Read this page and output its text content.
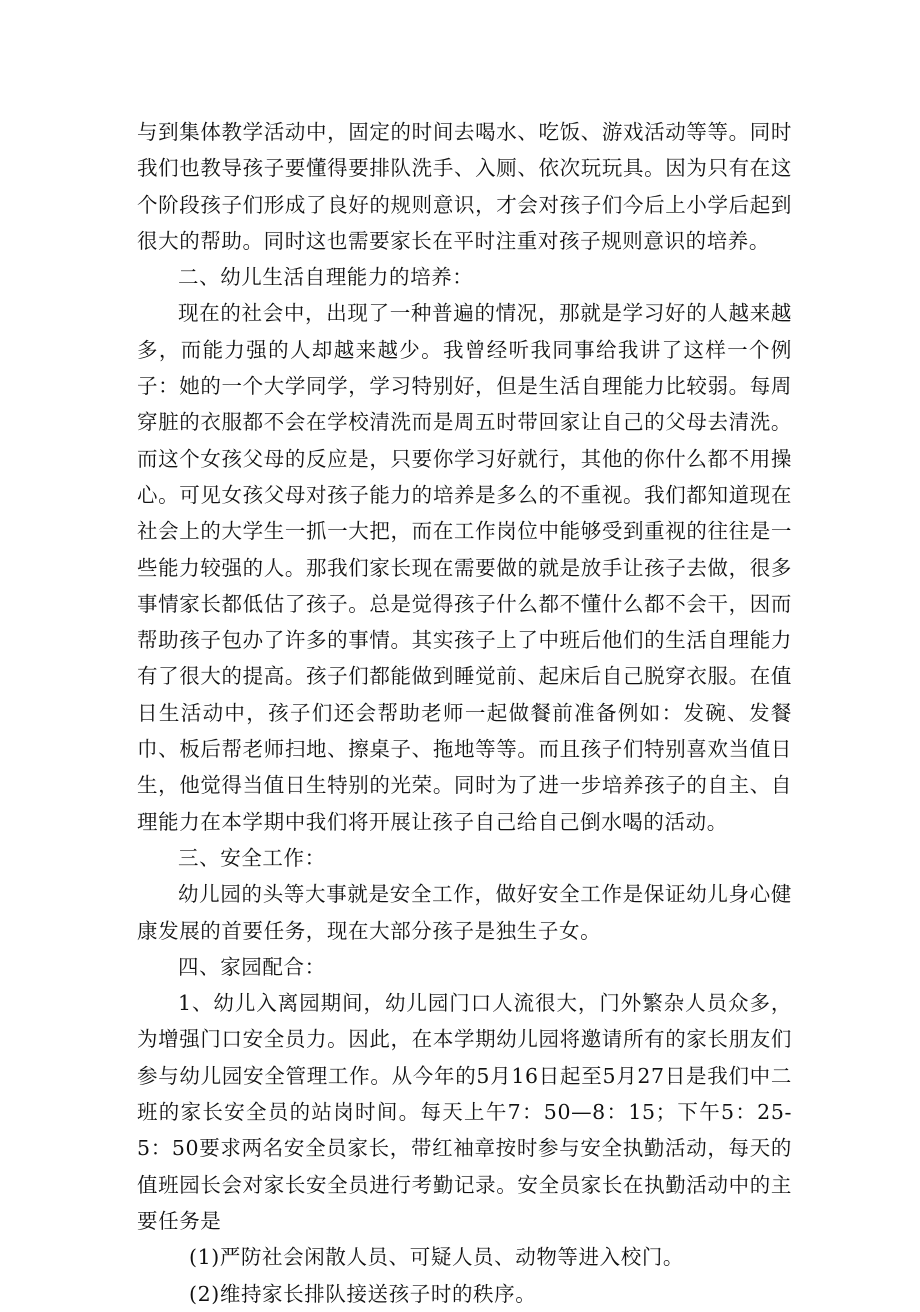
与到集体教学活动中，固定的时间去喝水、吃饭、游戏活动等等。同时我们也教导孩子要懂得要排队洗手、入厕、依次玩玩具。因为只有在这个阶段孩子们形成了良好的规则意识，才会对孩子们今后上小学后起到很大的帮助。同时这也需要家长在平时注重对孩子规则意识的培养。

二、幼儿生活自理能力的培养：

现在的社会中，出现了一种普遍的情况，那就是学习好的人越来越多，而能力强的人却越来越少。我曾经听我同事给我讲了这样一个例子：她的一个大学同学，学习特别好，但是生活自理能力比较弱。每周穿脏的衣服都不会在学校清洗而是周五时带回家让自己的父母去清洗。而这个女孩父母的反应是，只要你学习好就行，其他的你什么都不用操心。可见女孩父母对孩子能力的培养是多么的不重视。我们都知道现在社会上的大学生一抓一大把，而在工作岗位中能够受到重视的往往是一些能力较强的人。那我们家长现在需要做的就是放手让孩子去做，很多事情家长都低估了孩子。总是觉得孩子什么都不懂什么都不会干，因而帮助孩子包办了许多的事情。其实孩子上了中班后他们的生活自理能力有了很大的提高。孩子们都能做到睡觉前、起床后自己脱穿衣服。在值日生活动中，孩子们还会帮助老师一起做餐前准备例如：发碗、发餐巾、板后帮老师扫地、擦桌子、拖地等等。而且孩子们特别喜欢当值日生，他觉得当值日生特别的光荣。同时为了进一步培养孩子的自主、自理能力在本学期中我们将开展让孩子自己给自己倒水喝的活动。

三、安全工作：

幼儿园的头等大事就是安全工作，做好安全工作是保证幼儿身心健康发展的首要任务，现在大部分孩子是独生子女。

四、家园配合：

1、幼儿入离园期间，幼儿园门口人流很大，门外繁杂人员众多，为增强门口安全员力。因此，在本学期幼儿园将邀请所有的家长朋友们参与幼儿园安全管理工作。从今年的5月16日起至5月27日是我们中二班的家长安全员的站岗时间。每天上午7：50—8：15；下午5：25-5：50要求两名安全员家长，带红袖章按时参与安全执勤活动，每天的值班园长会对家长安全员进行考勤记录。安全员家长在执勤活动中的主要任务是

(1)严防社会闲散人员、可疑人员、动物等进入校门。

(2)维持家长排队接送孩子时的秩序。
